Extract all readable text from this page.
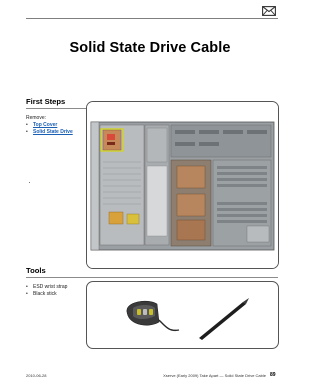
Solid State Drive Cable
First Steps
Remove:
• Top Cover
• Solid State Drive
Tools
• ESD wrist strap
• Black stick
2010-06-28	Xserve (Early 2009) Take Apart — Solid State Drive Cable 89
